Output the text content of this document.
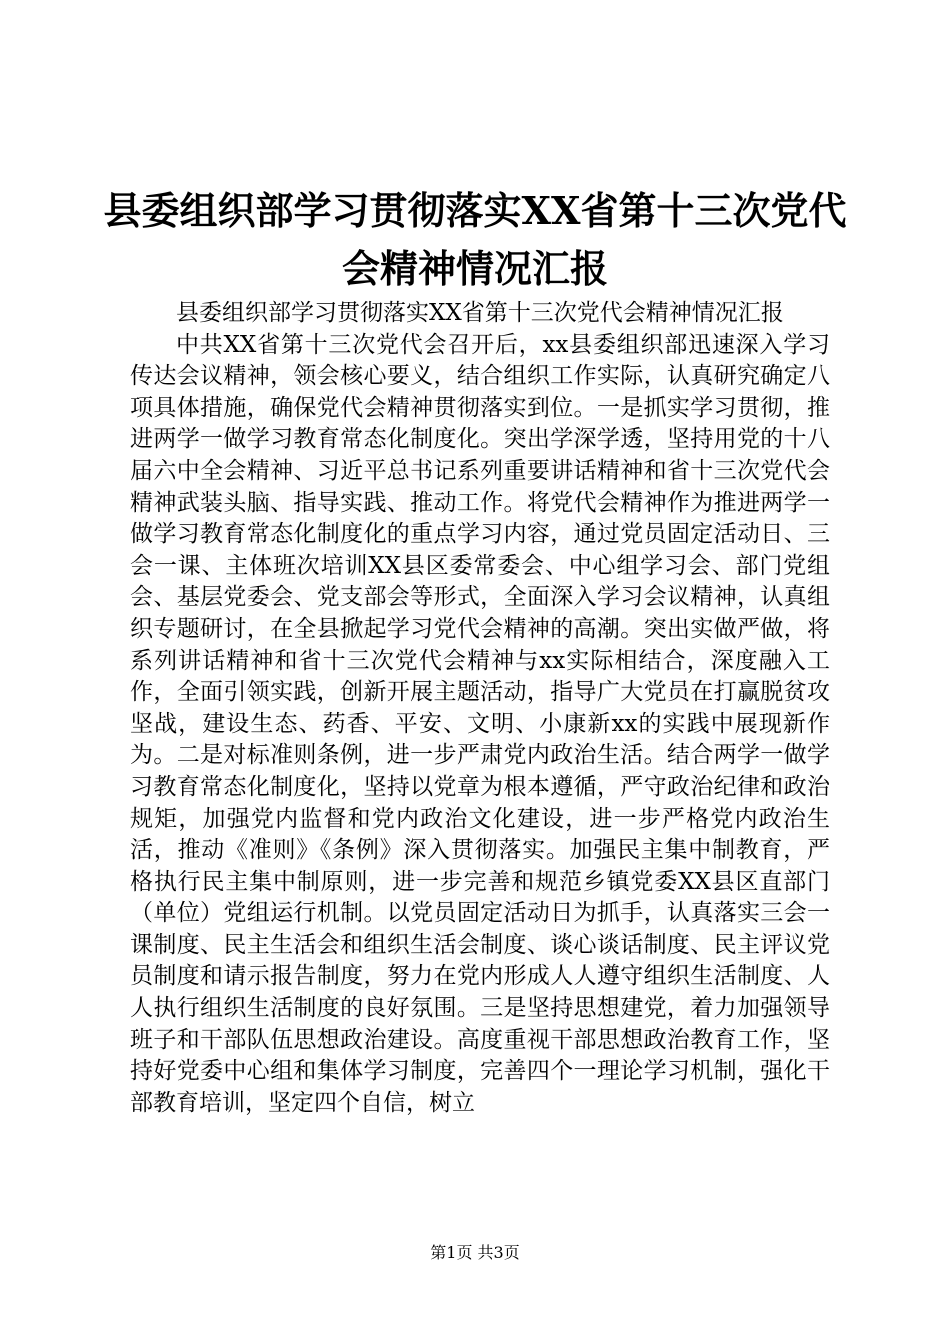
县委组织部学习贯彻落实XX省第十三次党代
会精神情况汇报

县委组织部学习贯彻落实XX省第十三次党代会精神情况汇报

中共XX省第十三次党代会召开后，xx县委组织部迅速深入学习传达会议精神，领会核心要义，结合组织工作实际，认真研究确定八项具体措施，确保党代会精神贯彻落实到位。一是抓实学习贯彻，推进两学一做学习教育常态化制度化。突出学深学透，坚持用党的十八届六中全会精神、习近平总书记系列重要讲话精神和省十三次党代会精神武装头脑、指导实践、推动工作。将党代会精神作为推进两学一做学习教育常态化制度化的重点学习内容，通过党员固定活动日、三会一课、主体班次培训XX县区委常委会、中心组学习会、部门党组会、基层党委会、党支部会等形式，全面深入学习会议精神，认真组织专题研讨，在全县掀起学习党代会精神的高潮。突出实做严做，将系列讲话精神和省十三次党代会精神与xx实际相结合，深度融入工作，全面引领实践，创新开展主题活动，指导广大党员在打赢脱贫攻坚战，建设生态、药香、平安、文明、小康新xx的实践中展现新作为。二是对标准则条例，进一步严肃党内政治生活。结合两学一做学习教育常态化制度化，坚持以党章为根本遵循，严守政治纪律和政治规矩，加强党内监督和党内政治文化建设，进一步严格党内政治生活，推动《准则》《条例》深入贯彻落实。加强民主集中制教育，严格执行民主集中制原则，进一步完善和规范乡镇党委XX县区直部门（单位）党组运行机制。以党员固定活动日为抓手，认真落实三会一课制度、民主生活会和组织生活会制度、谈心谈话制度、民主评议党员制度和请示报告制度，努力在党内形成人人遵守组织生活制度、人人执行组织生活制度的良好氛围。三是坚持思想建党，着力加强领导班子和干部队伍思想政治建设。高度重视干部思想政治教育工作，坚持好党委中心组和集体学习制度，完善四个一理论学习机制，强化干部教育培训，坚定四个自信，树立

第1页 共3页
